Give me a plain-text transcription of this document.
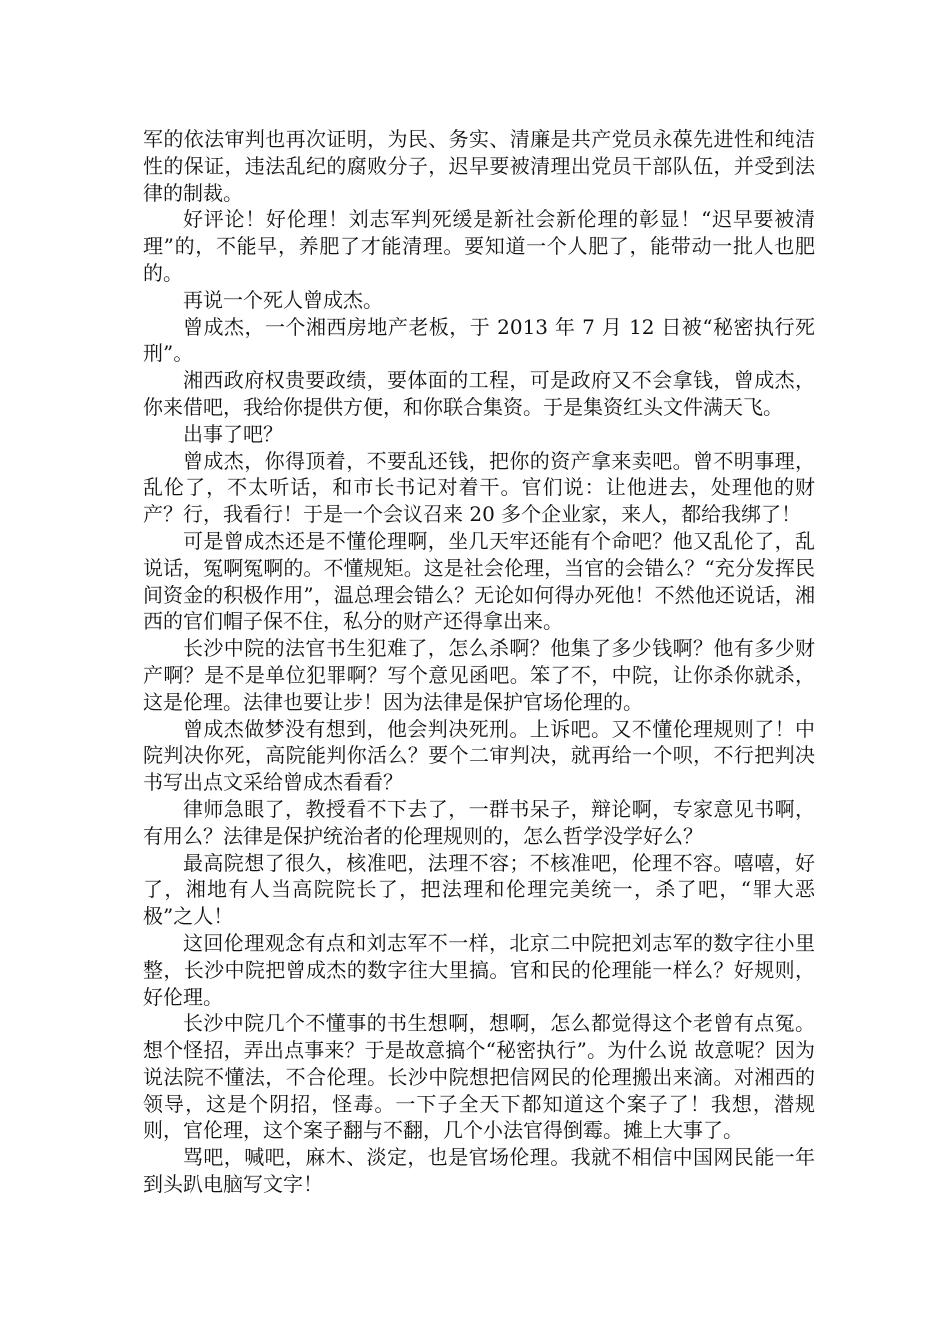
军的依法审判也再次证明，为民、务实、清廉是共产党员永葆先进性和纯洁性的保证，违法乱纪的腐败分子，迟早要被清理出党员干部队伍，并受到法律的制裁。

好评论！好伦理！刘志军判死缓是新社会新伦理的彰显！“迟早要被清理”的，不能早，养肥了才能清理。要知道一个人肥了，能带动一批人也肥的。

再说一个死人曾成杰。

曾成杰，一个湘西房地产老板，于 2013 年 7 月 12 日被“秘密执行死刑”。

湘西政府权贵要政绩，要体面的工程，可是政府又不会拿钱，曾成杰，你来借吧，我给你提供方便，和你联合集资。于是集资红头文件满天飞。

出事了吧？

曾成杰，你得顶着，不要乱还钱，把你的资产拿来卖吧。曾不明事理，乱伦了，不太听话，和市长书记对着干。官们说：让他进去，处理他的财产？行，我看行！于是一个会议召来 20 多个企业家，来人，都给我绑了！

可是曾成杰还是不懂伦理啊，坐几天牢还能有个命吧？他又乱伦了，乱说话，冤啊冤啊的。不懂规矩。这是社会伦理，当官的会错么？“充分发挥民间资金的积极作用”，温总理会错么？无论如何得办死他！不然他还说话，湘西的官们帽子保不住，私分的财产还得拿出来。

长沙中院的法官书生犯难了，怎么杀啊？他集了多少钱啊？他有多少财产啊？是不是单位犯罪啊？写个意见函吧。笨了不，中院，让你杀你就杀，这是伦理。法律也要让步！因为法律是保护官场伦理的。

曾成杰做梦没有想到，他会判决死刑。上诉吧。又不懂伦理规则了！中院判决你死，高院能判你活么？要个二审判决，就再给一个呗，不行把判决书写出点文采给曾成杰看看？

律师急眼了，教授看不下去了，一群书呆子，辩论啊，专家意见书啊，有用么？法律是保护统治者的伦理规则的，怎么哲学没学好么？

最高院想了很久，核准吧，法理不容；不核准吧，伦理不容。嘻嘻，好了，湘地有人当高院院长了，把法理和伦理完美统一，杀了吧，“罪大恶极”之人！

这回伦理观念有点和刘志军不一样，北京二中院把刘志军的数字往小里整，长沙中院把曾成杰的数字往大里搞。官和民的伦理能一样么？好规则，好伦理。

长沙中院几个不懂事的书生想啊，想啊，怎么都觉得这个老曾有点冤。想个怪招，弄出点事来？于是故意搞个“秘密执行”。为什么说 故意呢？因为说法院不懂法，不合伦理。长沙中院想把信网民的伦理搬出来滴。对湘西的领导，这是个阴招，怪毒。一下子全天下都知道这个案子了！我想，潜规则，官伦理，这个案子翻与不翻，几个小法官得倒霉。摊上大事了。

骂吧，喊吧，麻木、淡定，也是官场伦理。我就不相信中国网民能一年到头趴电脑写文字！
